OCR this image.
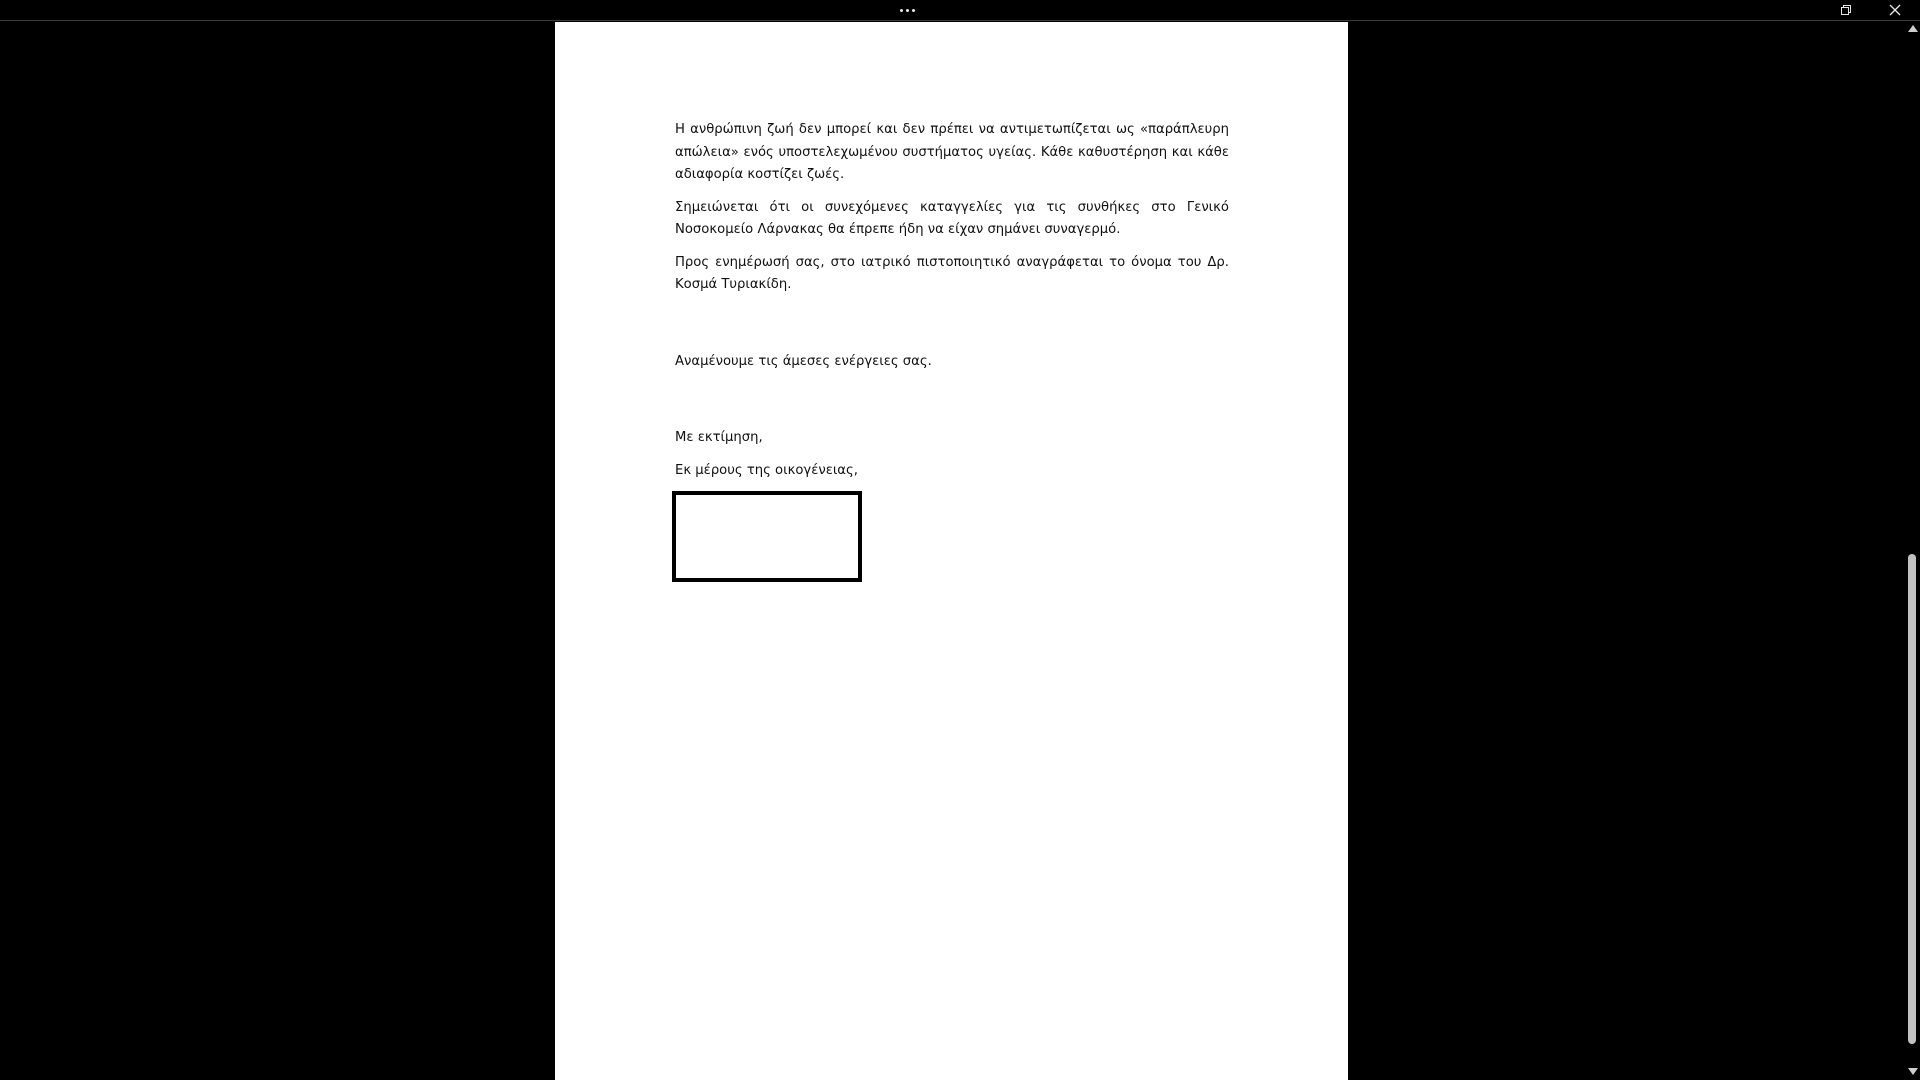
Η ανθρώπινη ζωή δεν μπορεί και δεν πρέπει να αντιμετωπίζεται ως «παράπλευρη απώλεια» ενός υποστελεχωμένου συστήματος υγείας. Κάθε καθυστέρηση και κάθε αδιαφορία κοστίζει ζωές.

Σημειώνεται ότι οι συνεχόμενες καταγγελίες για τις συνθήκες στο Γενικό Νοσοκομείο Λάρνακας θα έπρεπε ήδη να είχαν σημάνει συναγερμό.

Προς ενημέρωσή σας, στο ιατρικό πιστοποιητικό αναγράφεται το όνομα του Δρ. Κοσμά Τυριακίδη.

Αναμένουμε τις άμεσες ενέργειες σας.

Με εκτίμηση,

Εκ μέρους της οικογένειας,
